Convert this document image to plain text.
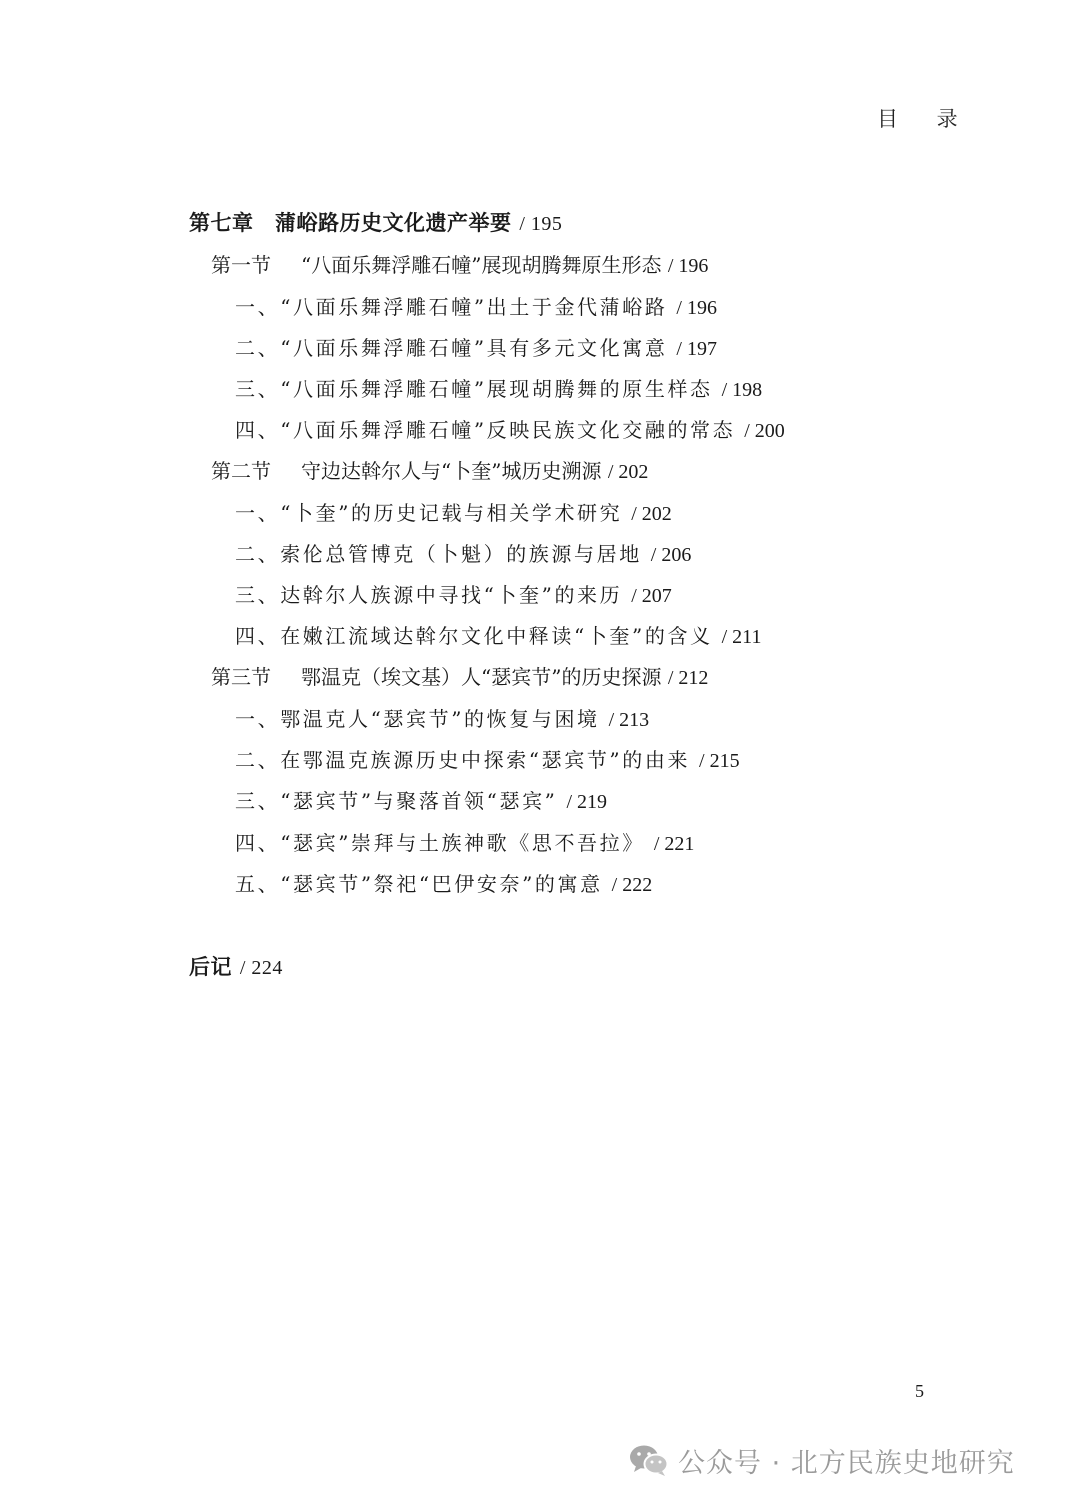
目 录
第七章　蒲峪路历史文化遗产举要 / 195
第一节 “八面乐舞浮雕石幢”展现胡腾舞原生形态 / 196
一、“八面乐舞浮雕石幢”出土于金代蒲峪路 / 196
二、“八面乐舞浮雕石幢”具有多元文化寓意 / 197
三、“八面乐舞浮雕石幢”展现胡腾舞的原生样态 / 198
四、“八面乐舞浮雕石幢”反映民族文化交融的常态 / 200
第二节 守边达斡尔人与“卜奎”城历史溯源 / 202
一、“卜奎”的历史记载与相关学术研究 / 202
二、索伦总管博克（卜魁）的族源与居地 / 206
三、达斡尔人族源中寻找“卜奎”的来历 / 207
四、在嫩江流域达斡尔文化中释读“卜奎”的含义 / 211
第三节 鄂温克（埃文基）人“瑟宾节”的历史探源 / 212
一、鄂温克人“瑟宾节”的恢复与困境 / 213
二、在鄂温克族源历史中探索“瑟宾节”的由来 / 215
三、“瑟宾节”与聚落首领“瑟宾” / 219
四、“瑟宾”崇拜与土族神歌《思不吾拉》 / 221
五、“瑟宾节”祭祀“巴伊安奈”的寓意 / 222
后记 / 224
5
公众号 · 北方民族史地研究
